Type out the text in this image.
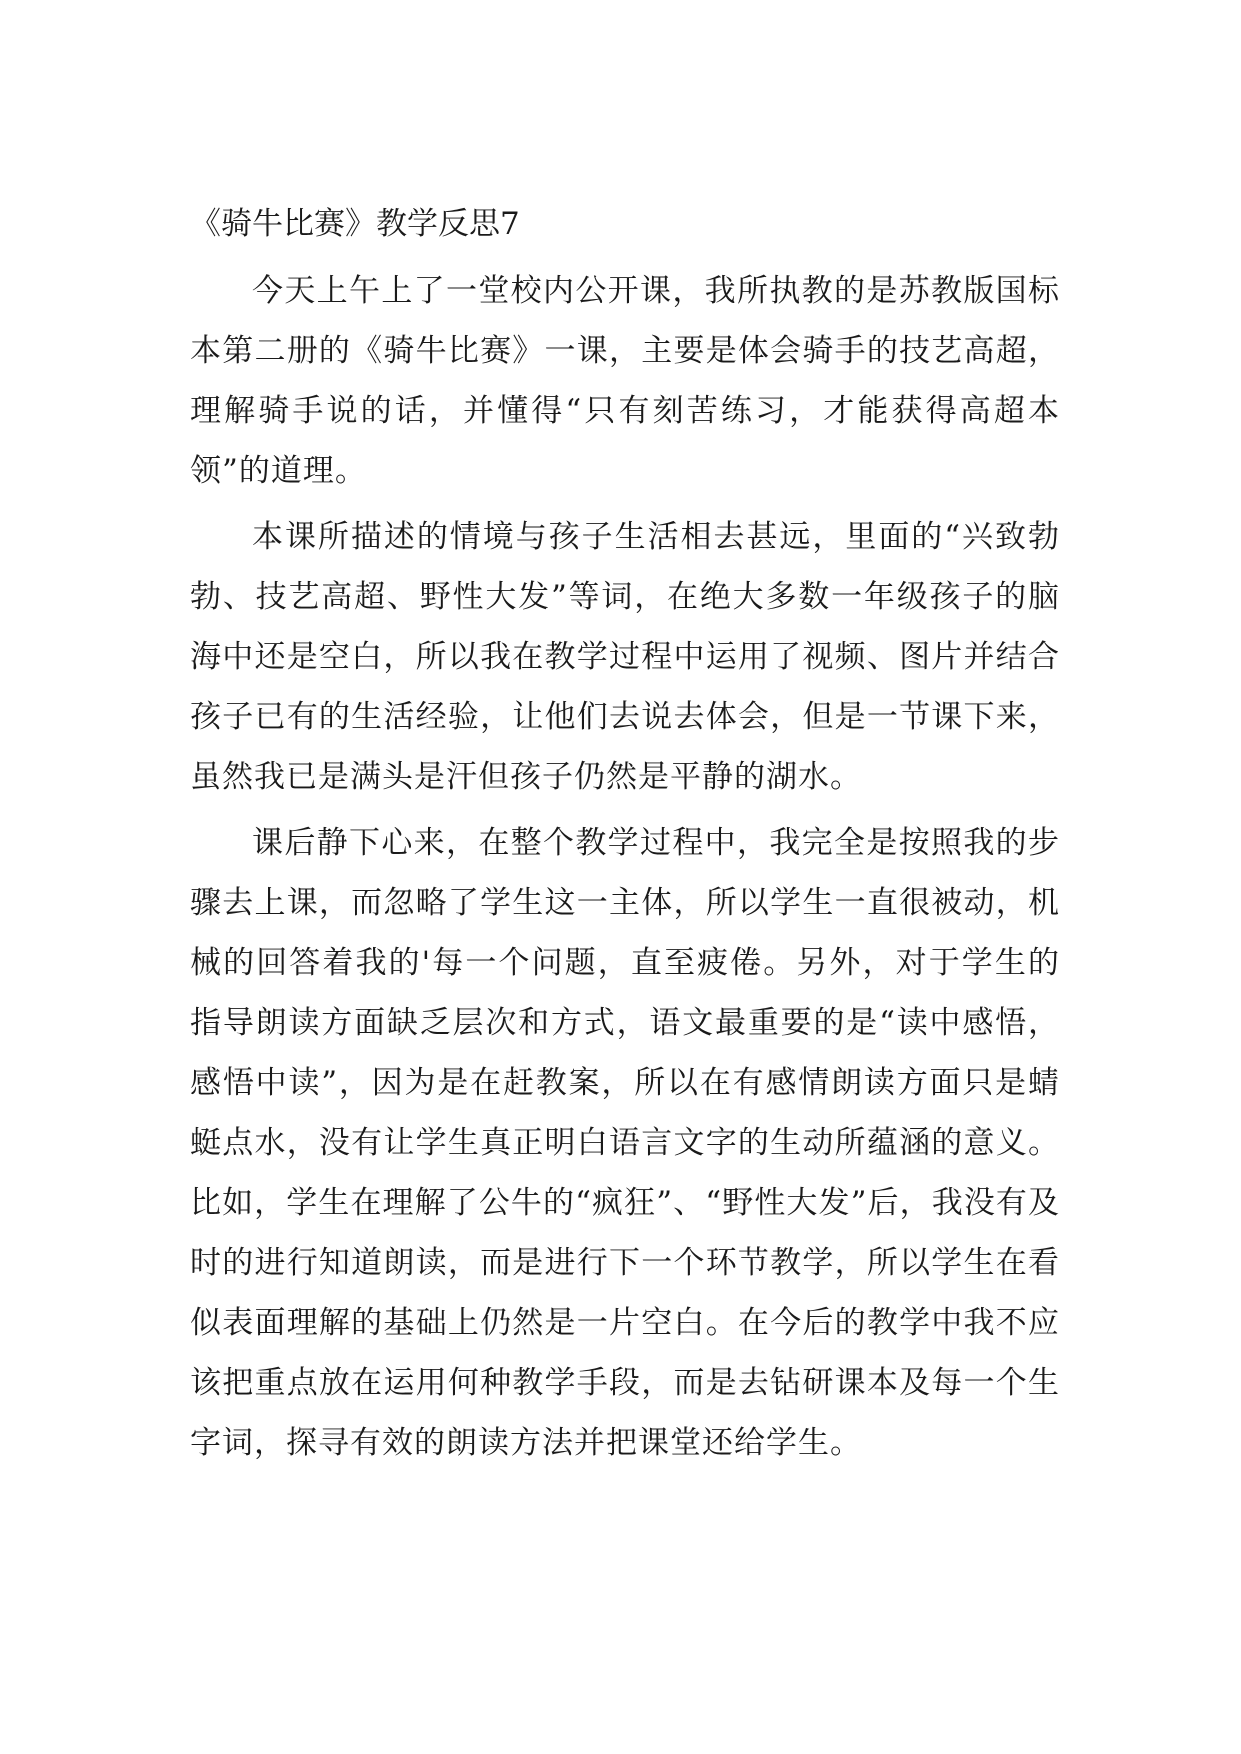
《骑牛比赛》教学反思7

今天上午上了一堂校内公开课，我所执教的是苏教版国标本第二册的《骑牛比赛》一课，主要是体会骑手的技艺高超，理解骑手说的话，并懂得“只有刻苦练习，才能获得高超本领”的道理。

本课所描述的情境与孩子生活相去甚远，里面的“兴致勃勃、技艺高超、野性大发”等词，在绝大多数一年级孩子的脑海中还是空白，所以我在教学过程中运用了视频、图片并结合孩子已有的生活经验，让他们去说去体会，但是一节课下来，虽然我已是满头是汗但孩子仍然是平静的湖水。

课后静下心来，在整个教学过程中，我完全是按照我的步骤去上课，而忽略了学生这一主体，所以学生一直很被动，机械的回答着我的'每一个问题，直至疲倦。另外，对于学生的指导朗读方面缺乏层次和方式，语文最重要的是“读中感悟，感悟中读”，因为是在赶教案，所以在有感情朗读方面只是蜻蜓点水，没有让学生真正明白语言文字的生动所蕴涵的意义。比如，学生在理解了公牛的“疯狂”、“野性大发”后，我没有及时的进行知道朗读，而是进行下一个环节教学，所以学生在看似表面理解的基础上仍然是一片空白。在今后的教学中我不应该把重点放在运用何种教学手段，而是去钻研课本及每一个生字词，探寻有效的朗读方法并把课堂还给学生。
